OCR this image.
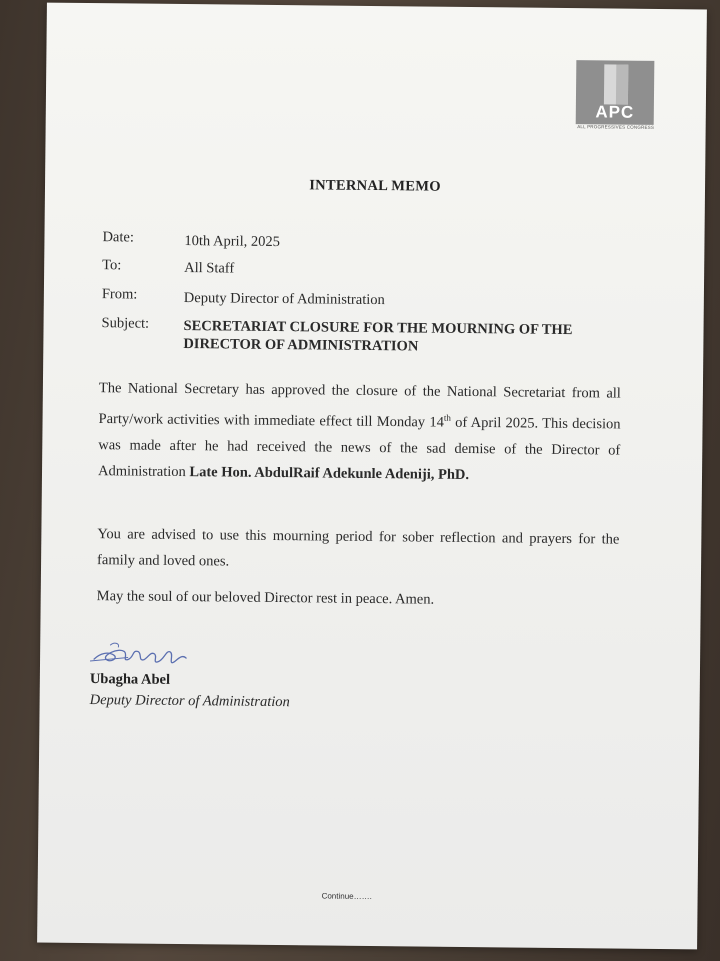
APC
ALL PROGRESSIVES CONGRESS
INTERNAL MEMO
Date:	10th April, 2025
To:	All Staff
From:	Deputy Director of Administration
Subject:	SECRETARIAT CLOSURE FOR THE MOURNING OF THE DIRECTOR OF ADMINISTRATION
The National Secretary has approved the closure of the National Secretariat from all Party/work activities with immediate effect till Monday 14th of April 2025. This decision was made after he had received the news of the sad demise of the Director of Administration Late Hon. AbdulRaif Adekunle Adeniji, PhD.
You are advised to use this mourning period for sober reflection and prayers for the family and loved ones.
May the soul of our beloved Director rest in peace. Amen.
Ubagha Abel
Deputy Director of Administration
Continue…….
